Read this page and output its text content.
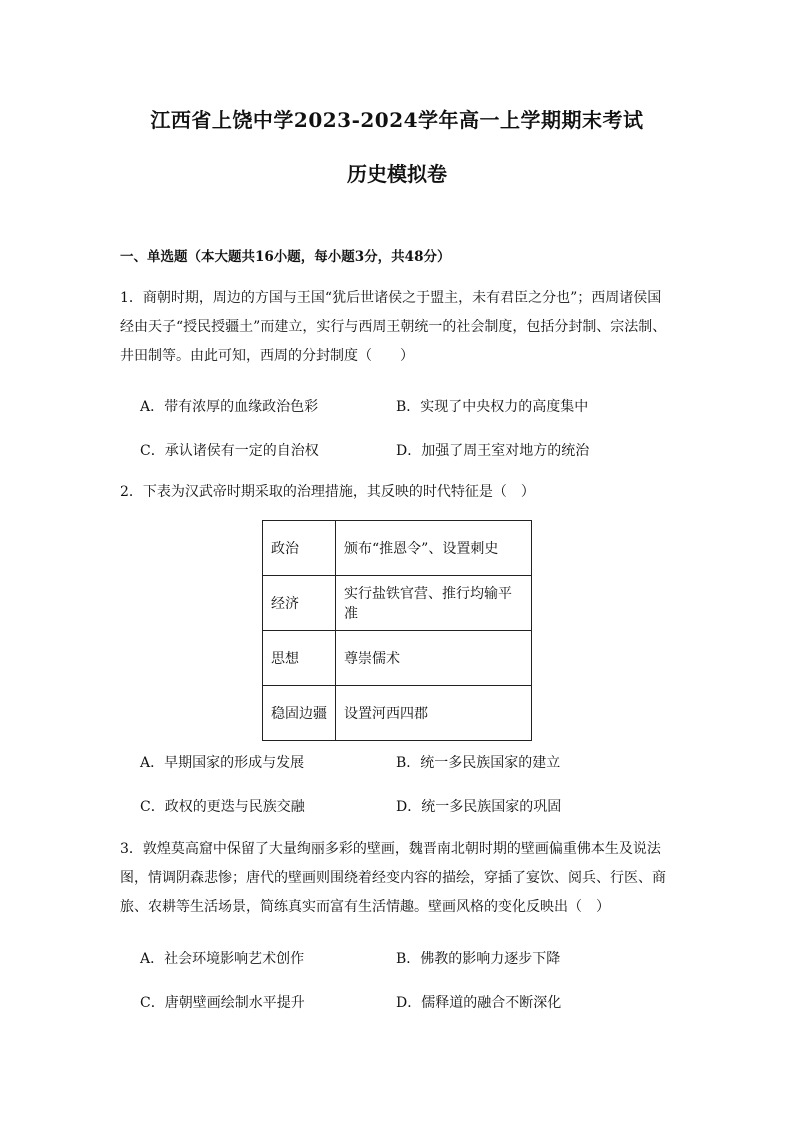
江西省上饶中学2023-2024学年高一上学期期末考试
历史模拟卷
一、单选题（本大题共16小题，每小题3分，共48分）
1．商朝时期，周边的方国与王国“犹后世诸侯之于盟主，未有君臣之分也”；西周诸侯国经由天子“授民授疆土”而建立，实行与西周王朝统一的社会制度，包括分封制、宗法制、井田制等。由此可知，西周的分封制度（　　）
A．带有浓厚的血缘政治色彩	B．实现了中央权力的高度集中
C．承认诸侯有一定的自治权	D．加强了周王室对地方的统治
2．下表为汉武帝时期采取的治理措施，其反映的时代特征是（　）
政治	颁布“推恩令”、设置刺史
经济	实行盐铁官营、推行均输平准
思想	尊崇儒术
稳固边疆	设置河西四郡
A．早期国家的形成与发展	B．统一多民族国家的建立
C．政权的更迭与民族交融	D．统一多民族国家的巩固
3．敦煌莫高窟中保留了大量绚丽多彩的壁画，魏晋南北朝时期的壁画偏重佛本生及说法图，情调阴森悲惨；唐代的壁画则围绕着经变内容的描绘，穿插了宴饮、阅兵、行医、商旅、农耕等生活场景，简练真实而富有生活情趣。壁画风格的变化反映出（　）
A．社会环境影响艺术创作	B．佛教的影响力逐步下降
C．唐朝壁画绘制水平提升	D．儒释道的融合不断深化
